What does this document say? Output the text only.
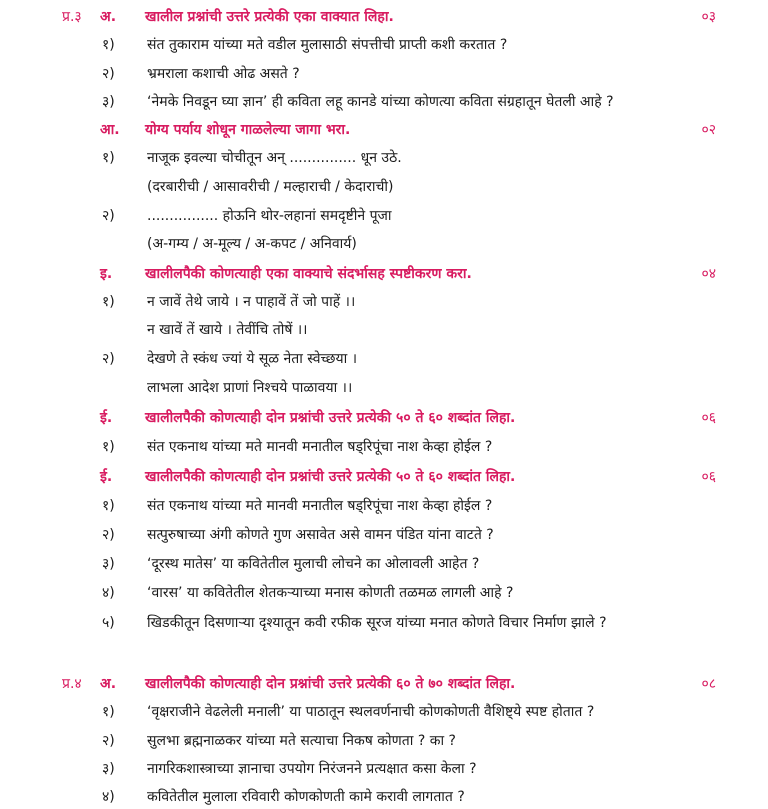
प्र.३ अ. खालील प्रश्नांची उत्तरे प्रत्येकी एका वाक्यात लिहा.	०३
१) संत तुकाराम यांच्या मते वडील मुलासाठी संपत्तीची प्राप्ती कशी करतात ?
२) भ्रमराला कशाची ओढ असते ?
३) ‘नेमके निवडून घ्या ज्ञान’ ही कविता लहू कानडे यांच्या कोणत्या कविता संग्रहातून घेतली आहे ?
आ. योग्य पर्याय शोधून गाळलेल्या जागा भरा.	०२
१) नाजूक इवल्या चोचीतून अन् ............... धून उठे.
(दरबारीची / आसावरीची / मल्हाराची / केदाराची)
२) ................ होऊनि थोर-लहानां समदृष्टीने पूजा
(अ-गम्य / अ-मूल्य / अ-कपट / अनिवार्य)
इ. खालीलपैकी कोणत्याही एका वाक्याचे संदर्भासह स्पष्टीकरण करा.	०४
१) न जावें तेथे जाये । न पाहावें तें जो पाहें ।।
न खावें तें खाये । तेवींचि तोषें ।।
२) देखणे ते स्कंध ज्यां ये सूळ नेता स्वेच्छया ।
लाभला आदेश प्राणां निश्चये पाळावया ।।
ई. खालीलपैकी कोणत्याही दोन प्रश्नांची उत्तरे प्रत्येकी ५० ते ६० शब्दांत लिहा.	०६
१) संत एकनाथ यांच्या मते मानवी मनातील षड्‌रिपूंचा नाश केव्हा होईल ?
ई. खालीलपैकी कोणत्याही दोन प्रश्नांची उत्तरे प्रत्येकी ५० ते ६० शब्दांत लिहा.	०६
१) संत एकनाथ यांच्या मते मानवी मनातील षड्‌रिपूंचा नाश केव्हा होईल ?
२) सत्पुरुषाच्या अंगी कोणते गुण असावेत असे वामन पंडित यांना वाटते ?
३) ‘दूरस्थ मातेस’ या कवितेतील मुलाची लोचने का ओलावली आहेत ?
४) ‘वारस’ या कवितेतील शेतकऱ्याच्या मनास कोणती तळमळ लागली आहे ?
५) खिडकीतून दिसणाऱ्या दृश्यातून कवी रफीक सूरज यांच्या मनात कोणते विचार निर्माण झाले ?
प्र.४ अ. खालीलपैकी कोणत्याही दोन प्रश्नांची उत्तरे प्रत्येकी ६० ते ७० शब्दांत लिहा.	०८
१) ‘वृक्षराजीने वेढलेली मनाली’ या पाठातून स्थलवर्णनाची कोणकोणती वैशिष्ट्ये स्पष्ट होतात ?
२) सुलभा ब्रह्मनाळकर यांच्या मते सत्याचा निकष कोणता ? का ?
३) नागरिकशास्त्राच्या ज्ञानाचा उपयोग निरंजनने प्रत्यक्षात कसा केला ?
४) कवितेतील मुलाला रविवारी कोणकोणती कामे करावी लागतात ?
